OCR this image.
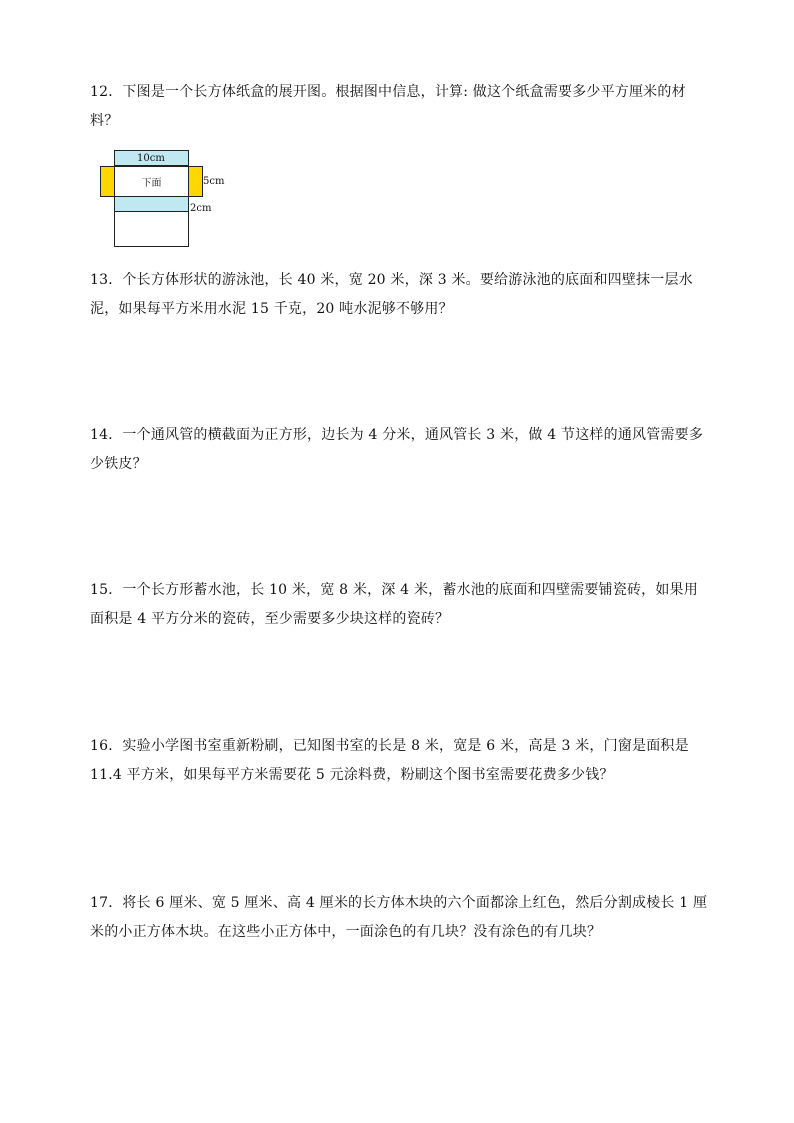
12．下图是一个长方体纸盒的展开图。根据图中信息，计算: 做这个纸盒需要多少平方厘米的材料？
10cm
下面	5cm
2cm
13．个长方体形状的游泳池，长 40 米，宽 20 米，深 3 米。要给游泳池的底面和四壁抹一层水泥，如果每平方米用水泥 15 千克，20 吨水泥够不够用？
14．一个通风管的横截面为正方形，边长为 4 分米，通风管长 3 米，做 4 节这样的通风管需要多少铁皮？
15．一个长方形蓄水池，长 10 米，宽 8 米，深 4 米，蓄水池的底面和四壁需要铺瓷砖，如果用面积是 4 平方分米的瓷砖，至少需要多少块这样的瓷砖？
16．实验小学图书室重新粉刷，已知图书室的长是 8 米，宽是 6 米，高是 3 米，门窗是面积是 11.4 平方米，如果每平方米需要花 5 元涂料费，粉刷这个图书室需要花费多少钱？
17．将长 6 厘米、宽 5 厘米、高 4 厘米的长方体木块的六个面都涂上红色，然后分割成棱长 1 厘米的小正方体木块。在这些小正方体中，一面涂色的有几块？没有涂色的有几块？
